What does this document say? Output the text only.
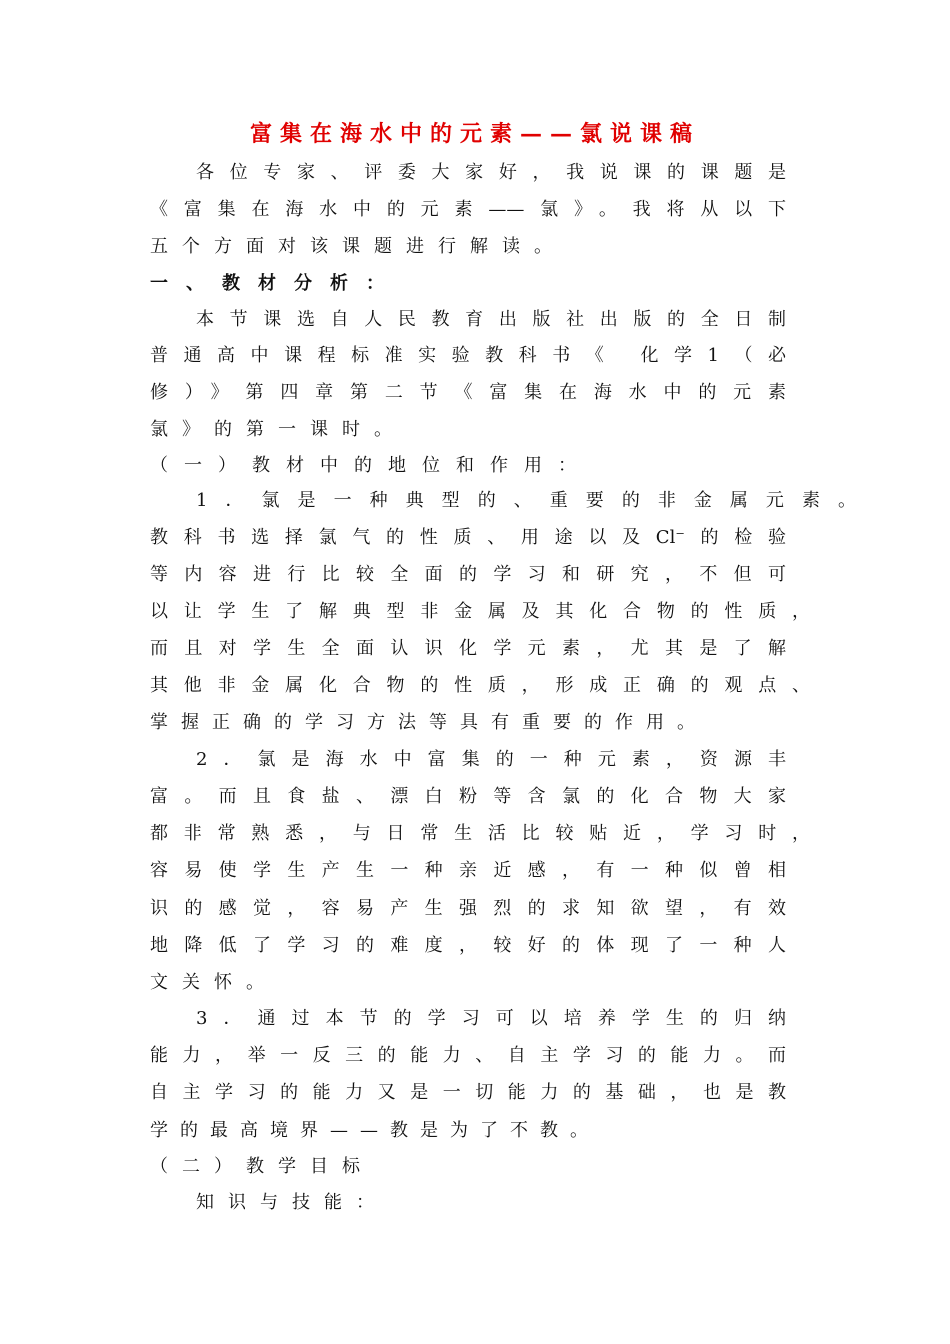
富集在海水中的元素——氯说课稿
各位专家、评委大家好，我说课的课题是
《富集在海水中的元素——氯》。我将从以下
五个方面对该课题进行解读。
一、教材分析：
本节课选自人民教育出版社出版的全日制
普通高中课程标准实验教科书《 化学1（必
修）》第四章第二节《富集在海水中的元素
氯》的第一课时。
（一）教材中的地位和作用：
1．氯是一种典型的、重要的非金属元素。
教科书选择氯气的性质、用途以及Cl⁻的检验
等内容进行比较全面的学习和研究，不但可
以让学生了解典型非金属及其化合物的性质，
而且对学生全面认识化学元素，尤其是了解
其他非金属化合物的性质，形成正确的观点、
掌握正确的学习方法等具有重要的作用。
2．氯是海水中富集的一种元素，资源丰
富。而且食盐、漂白粉等含氯的化合物大家
都非常熟悉，与日常生活比较贴近，学习时，
容易使学生产生一种亲近感，有一种似曾相
识的感觉，容易产生强烈的求知欲望，有效
地降低了学习的难度，较好的体现了一种人
文关怀。
3．通过本节的学习可以培养学生的归纳
能力，举一反三的能力、自主学习的能力。而
自主学习的能力又是一切能力的基础，也是教
学的最高境界——教是为了不教。
（二）教学目标
知识与技能：
